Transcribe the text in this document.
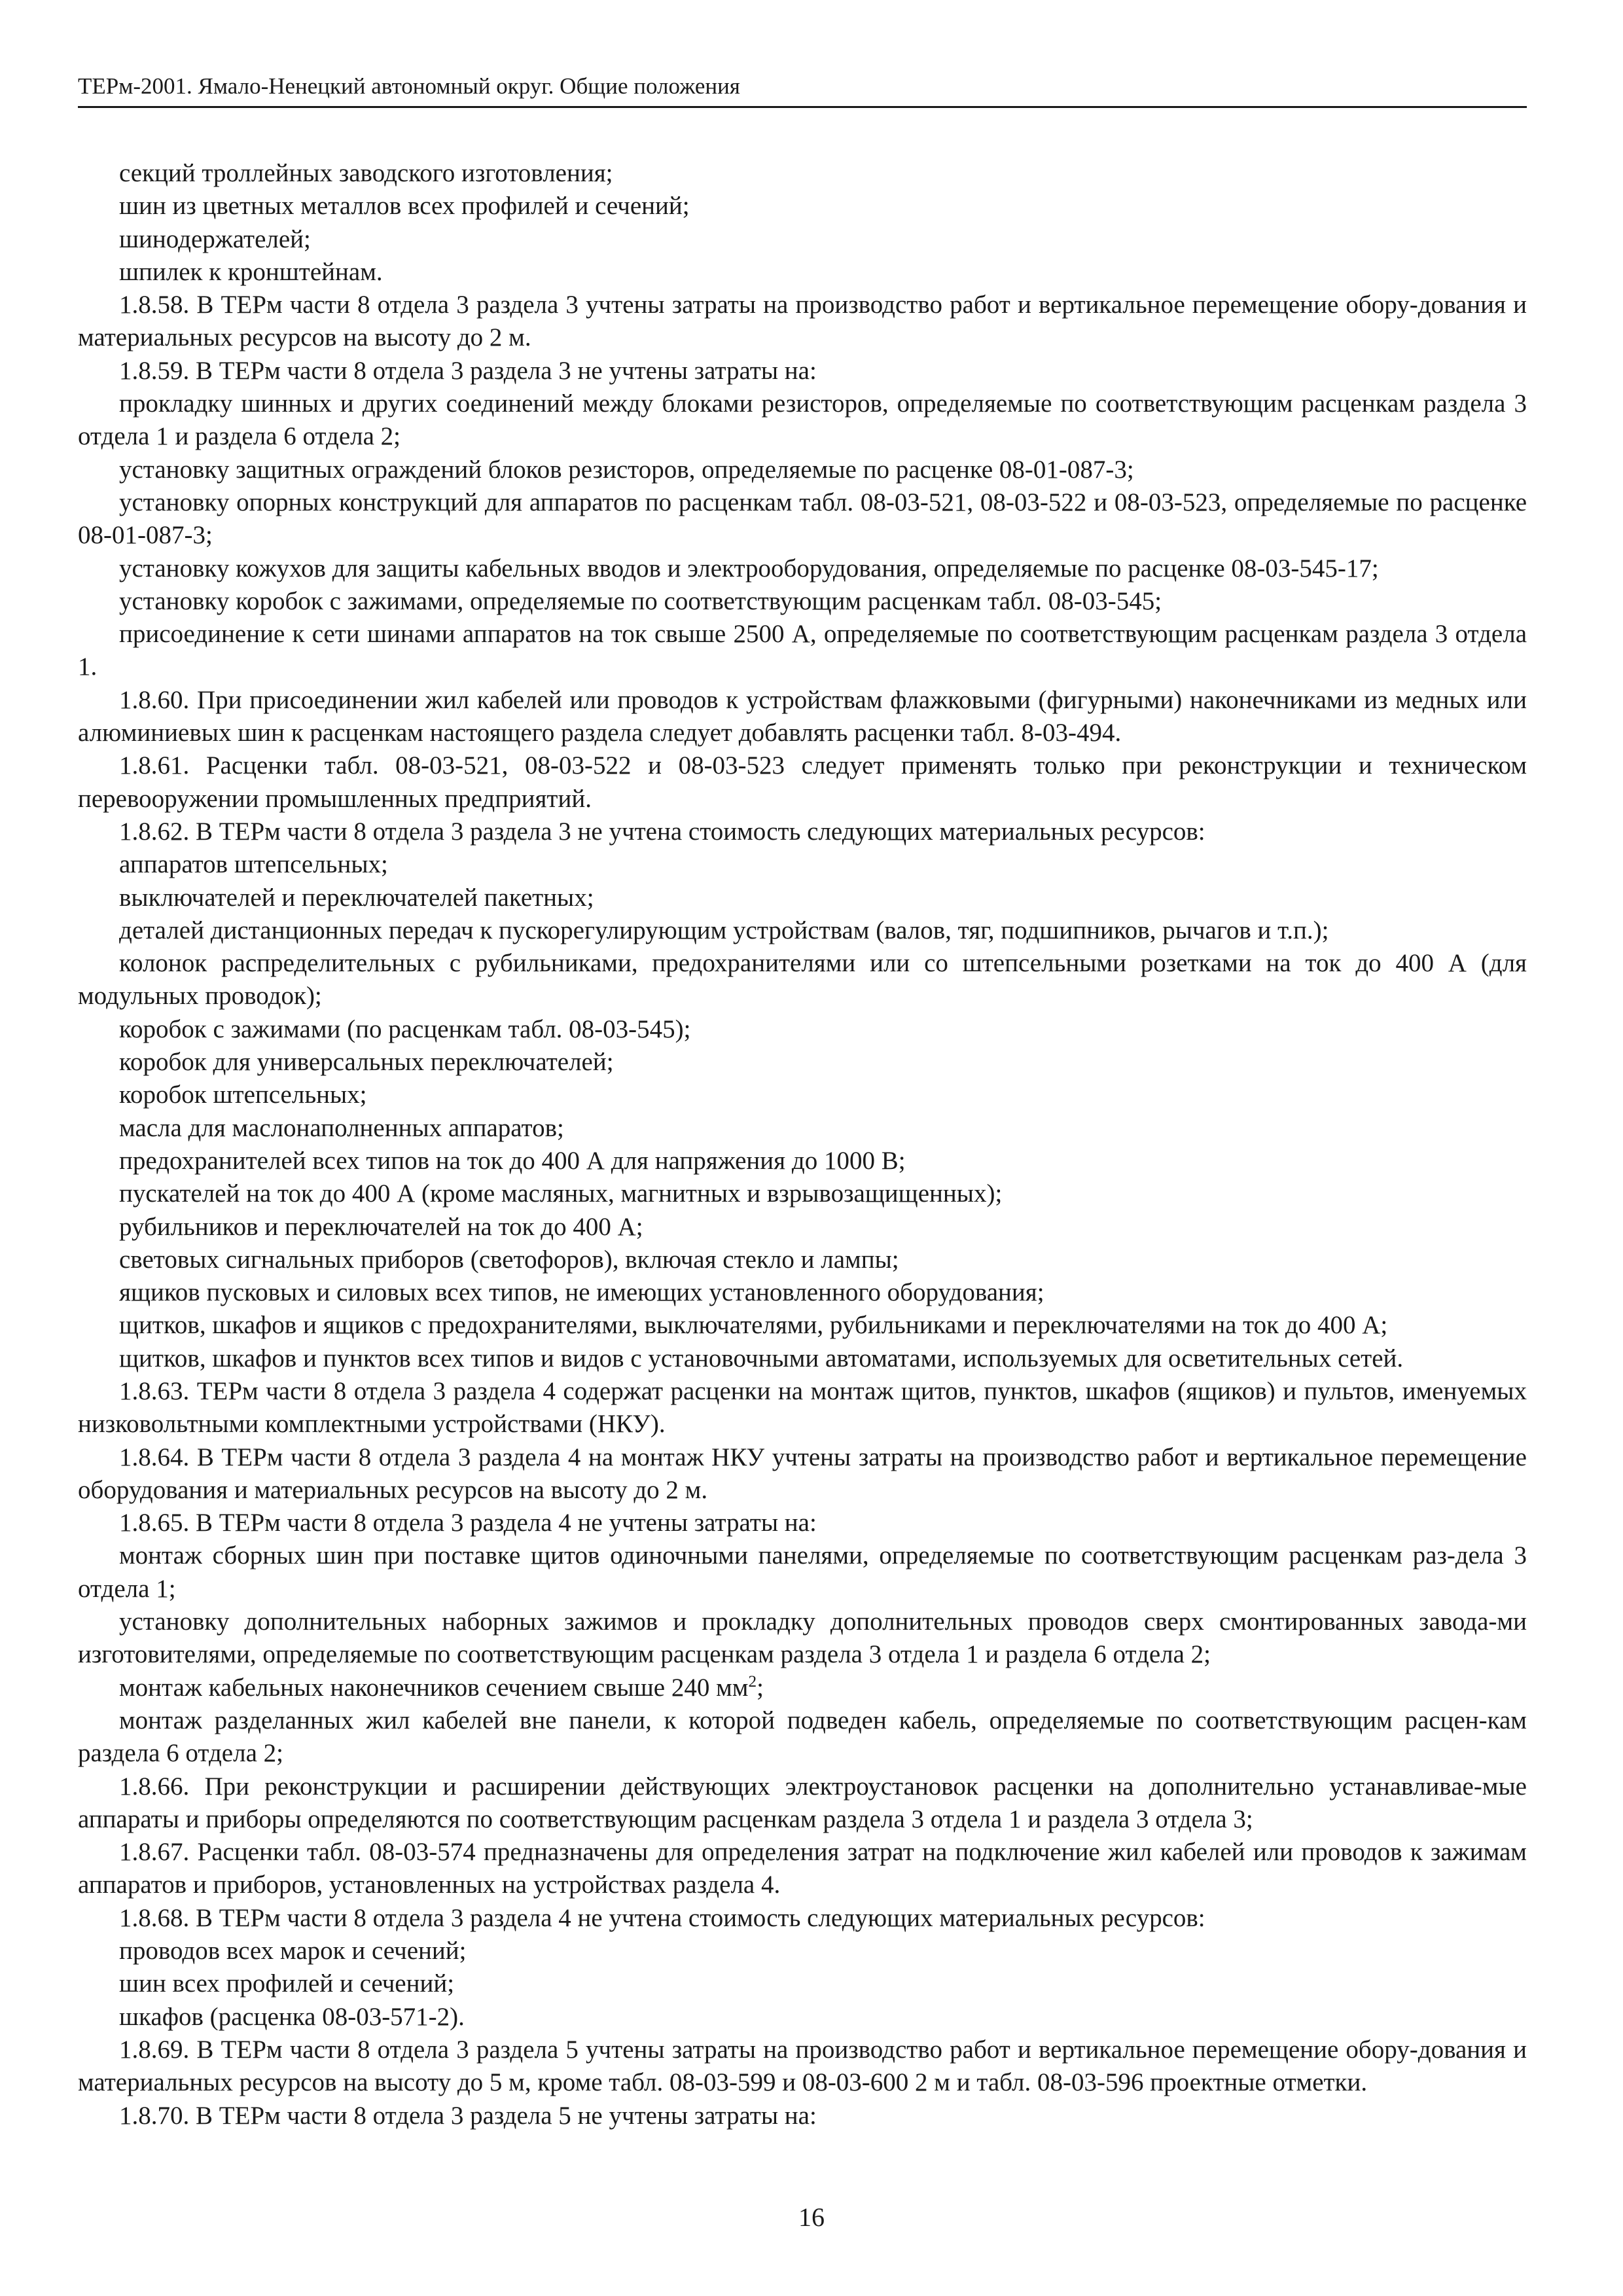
ТЕРм-2001. Ямало-Ненецкий автономный округ. Общие положения

секций троллейных заводского изготовления;

шин из цветных металлов всех профилей и сечений;

шинодержателей;

шпилек к кронштейнам.

1.8.58. В ТЕРм части 8 отдела 3 раздела 3 учтены затраты на производство работ и вертикальное перемещение обору-дования и материальных ресурсов на высоту до 2 м.

1.8.59. В ТЕРм части 8 отдела 3 раздела 3 не учтены затраты на:

прокладку шинных и других соединений между блоками резисторов, определяемые по соответствующим расценкам раздела 3 отдела 1 и раздела 6 отдела 2;

установку защитных ограждений блоков резисторов, определяемые по расценке 08-01-087-3;

установку опорных конструкций для аппаратов по расценкам табл. 08-03-521, 08-03-522 и 08-03-523, определяемые по расценке 08-01-087-3;

установку кожухов для защиты кабельных вводов и электрооборудования, определяемые по расценке 08-03-545-17;

установку коробок с зажимами, определяемые по соответствующим расценкам табл. 08-03-545;

присоединение к сети шинами аппаратов на ток свыше 2500 А, определяемые по соответствующим расценкам раздела 3 отдела 1.

1.8.60. При присоединении жил кабелей или проводов к устройствам флажковыми (фигурными) наконечниками из медных или алюминиевых шин к расценкам настоящего раздела следует добавлять расценки табл. 8-03-494.

1.8.61. Расценки табл. 08-03-521, 08-03-522 и 08-03-523 следует применять только при реконструкции и техническом перевооружении промышленных предприятий.

1.8.62. В ТЕРм части 8 отдела 3 раздела 3 не учтена стоимость следующих материальных ресурсов:

аппаратов штепсельных;

выключателей и переключателей пакетных;

деталей дистанционных передач к пускорегулирующим устройствам (валов, тяг, подшипников, рычагов и т.п.);

колонок распределительных с рубильниками, предохранителями или со штепсельными розетками на ток до 400 А (для модульных проводок);

коробок с зажимами (по расценкам табл. 08-03-545);

коробок для универсальных переключателей;

коробок штепсельных;

масла для маслонаполненных аппаратов;

предохранителей всех типов на ток до 400 А для напряжения до 1000 В;

пускателей на ток до 400 А (кроме масляных, магнитных и взрывозащищенных);

рубильников и переключателей на ток до 400 А;

световых сигнальных приборов (светофоров), включая стекло и лампы;

ящиков пусковых и силовых всех типов, не имеющих установленного оборудования;

щитков, шкафов и ящиков с предохранителями, выключателями, рубильниками и переключателями на ток до 400 А;

щитков, шкафов и пунктов всех типов и видов с установочными автоматами, используемых для осветительных сетей.

1.8.63. ТЕРм части 8 отдела 3 раздела 4 содержат расценки на монтаж щитов, пунктов, шкафов (ящиков) и пультов, именуемых низковольтными комплектными устройствами (НКУ).

1.8.64. В ТЕРм части 8 отдела 3 раздела 4 на монтаж НКУ учтены затраты на производство работ и вертикальное перемещение оборудования и материальных ресурсов на высоту до 2 м.

1.8.65. В ТЕРм части 8 отдела 3 раздела 4 не учтены затраты на:

монтаж сборных шин при поставке щитов одиночными панелями, определяемые по соответствующим расценкам раз-дела 3 отдела 1;

установку дополнительных наборных зажимов и прокладку дополнительных проводов сверх смонтированных завода-ми изготовителями, определяемые по соответствующим расценкам раздела 3 отдела 1 и раздела 6 отдела 2;

монтаж кабельных наконечников сечением свыше 240 $мм^2$;

монтаж разделанных жил кабелей вне панели, к которой подведен кабель, определяемые по соответствующим расцен-кам раздела 6 отдела 2;

1.8.66. При реконструкции и расширении действующих электроустановок расценки на дополнительно устанавливае-мые аппараты и приборы определяются по соответствующим расценкам раздела 3 отдела 1 и раздела 3 отдела 3;

1.8.67. Расценки табл. 08-03-574 предназначены для определения затрат на подключение жил кабелей или проводов к зажимам аппаратов и приборов, установленных на устройствах раздела 4.

1.8.68. В ТЕРм части 8 отдела 3 раздела 4 не учтена стоимость следующих материальных ресурсов:

проводов всех марок и сечений;

шин всех профилей и сечений;

шкафов (расценка 08-03-571-2).

1.8.69. В ТЕРм части 8 отдела 3 раздела 5 учтены затраты на производство работ и вертикальное перемещение обору-дования и материальных ресурсов на высоту до 5 м, кроме табл. 08-03-599 и 08-03-600 2 м и табл. 08-03-596 проектные отметки.

1.8.70. В ТЕРм части 8 отдела 3 раздела 5 не учтены затраты на:

16
